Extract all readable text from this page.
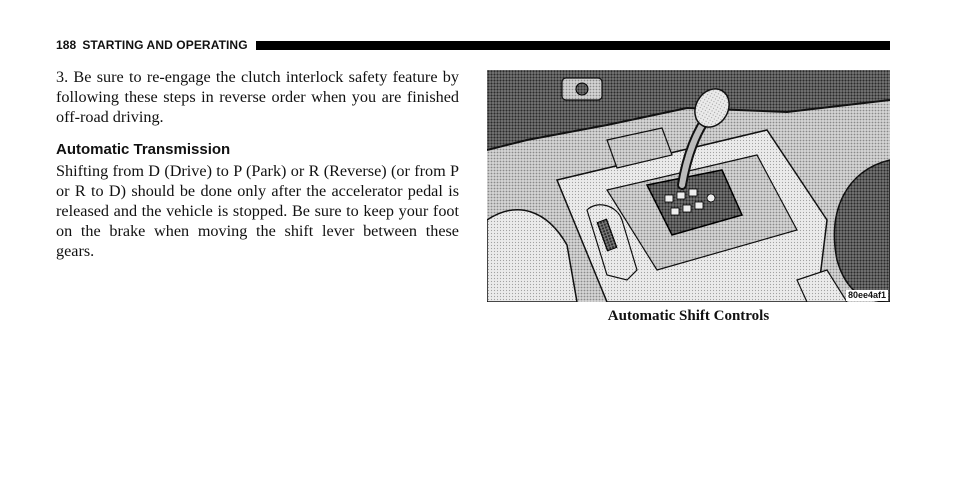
188 STARTING AND OPERATING

3. Be sure to re-engage the clutch interlock safety feature by following these steps in reverse order when you are finished off-road driving.

Automatic Transmission

Shifting from D (Drive) to P (Park) or R (Reverse) (or from P or R to D) should be done only after the accelerator pedal is released and the vehicle is stopped. Be sure to keep your foot on the brake when moving the shift lever between these gears.

80ee4af1
Automatic Shift Controls
